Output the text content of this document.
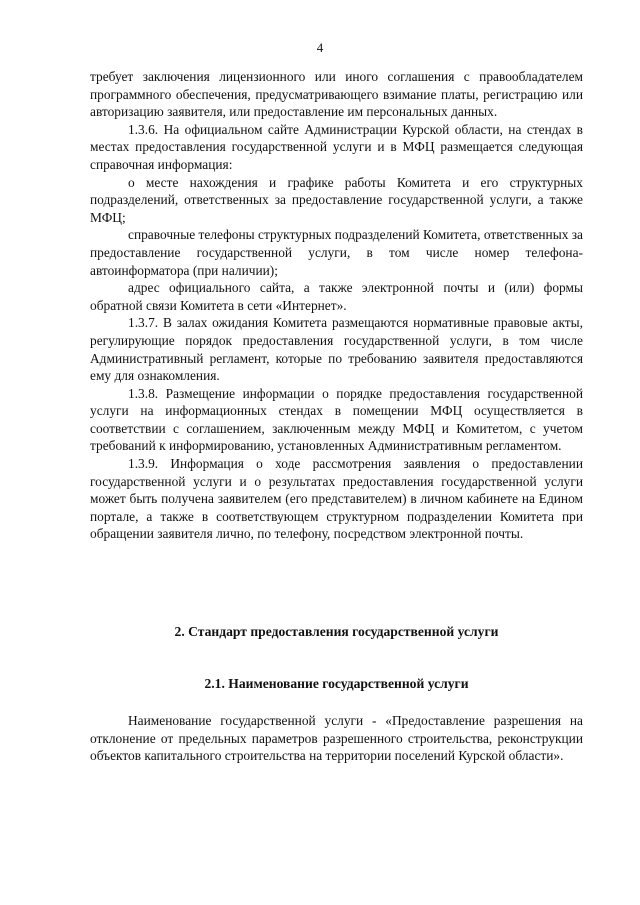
4

требует заключения лицензионного или иного соглашения с правообладателем программного обеспечения, предусматривающего взимание платы, регистрацию или авторизацию заявителя, или предоставление им персональных данных.

1.3.6. На официальном сайте Администрации Курской области, на стендах в местах предоставления государственной услуги и в МФЦ размещается следующая справочная информация:

о месте нахождения и графике работы Комитета и его структурных подразделений, ответственных за предоставление государственной услуги, а также МФЦ;

справочные телефоны структурных подразделений Комитета, ответственных за предоставление государственной услуги, в том числе номер телефона-автоинформатора (при наличии);

адрес официального сайта, а также электронной почты и (или) формы обратной связи Комитета в сети «Интернет».

1.3.7. В залах ожидания Комитета размещаются нормативные правовые акты, регулирующие порядок предоставления государственной услуги, в том числе Административный регламент, которые по требованию заявителя предоставляются ему для ознакомления.

1.3.8. Размещение информации о порядке предоставления государственной услуги на информационных стендах в помещении МФЦ осуществляется в соответствии с соглашением, заключенным между МФЦ и Комитетом, с учетом требований к информированию, установленных Административным регламентом.

1.3.9. Информация о ходе рассмотрения заявления о предоставлении государственной услуги и о результатах предоставления государственной услуги может быть получена заявителем (его представителем) в личном кабинете на Едином портале, а также в соответствующем структурном подразделении Комитета при обращении заявителя лично, по телефону, посредством электронной почты.

2. Стандарт предоставления государственной услуги

2.1. Наименование государственной услуги

Наименование государственной услуги - «Предоставление разрешения на отклонение от предельных параметров разрешенного строительства, реконструкции объектов капитального строительства на территории поселений Курской области».
